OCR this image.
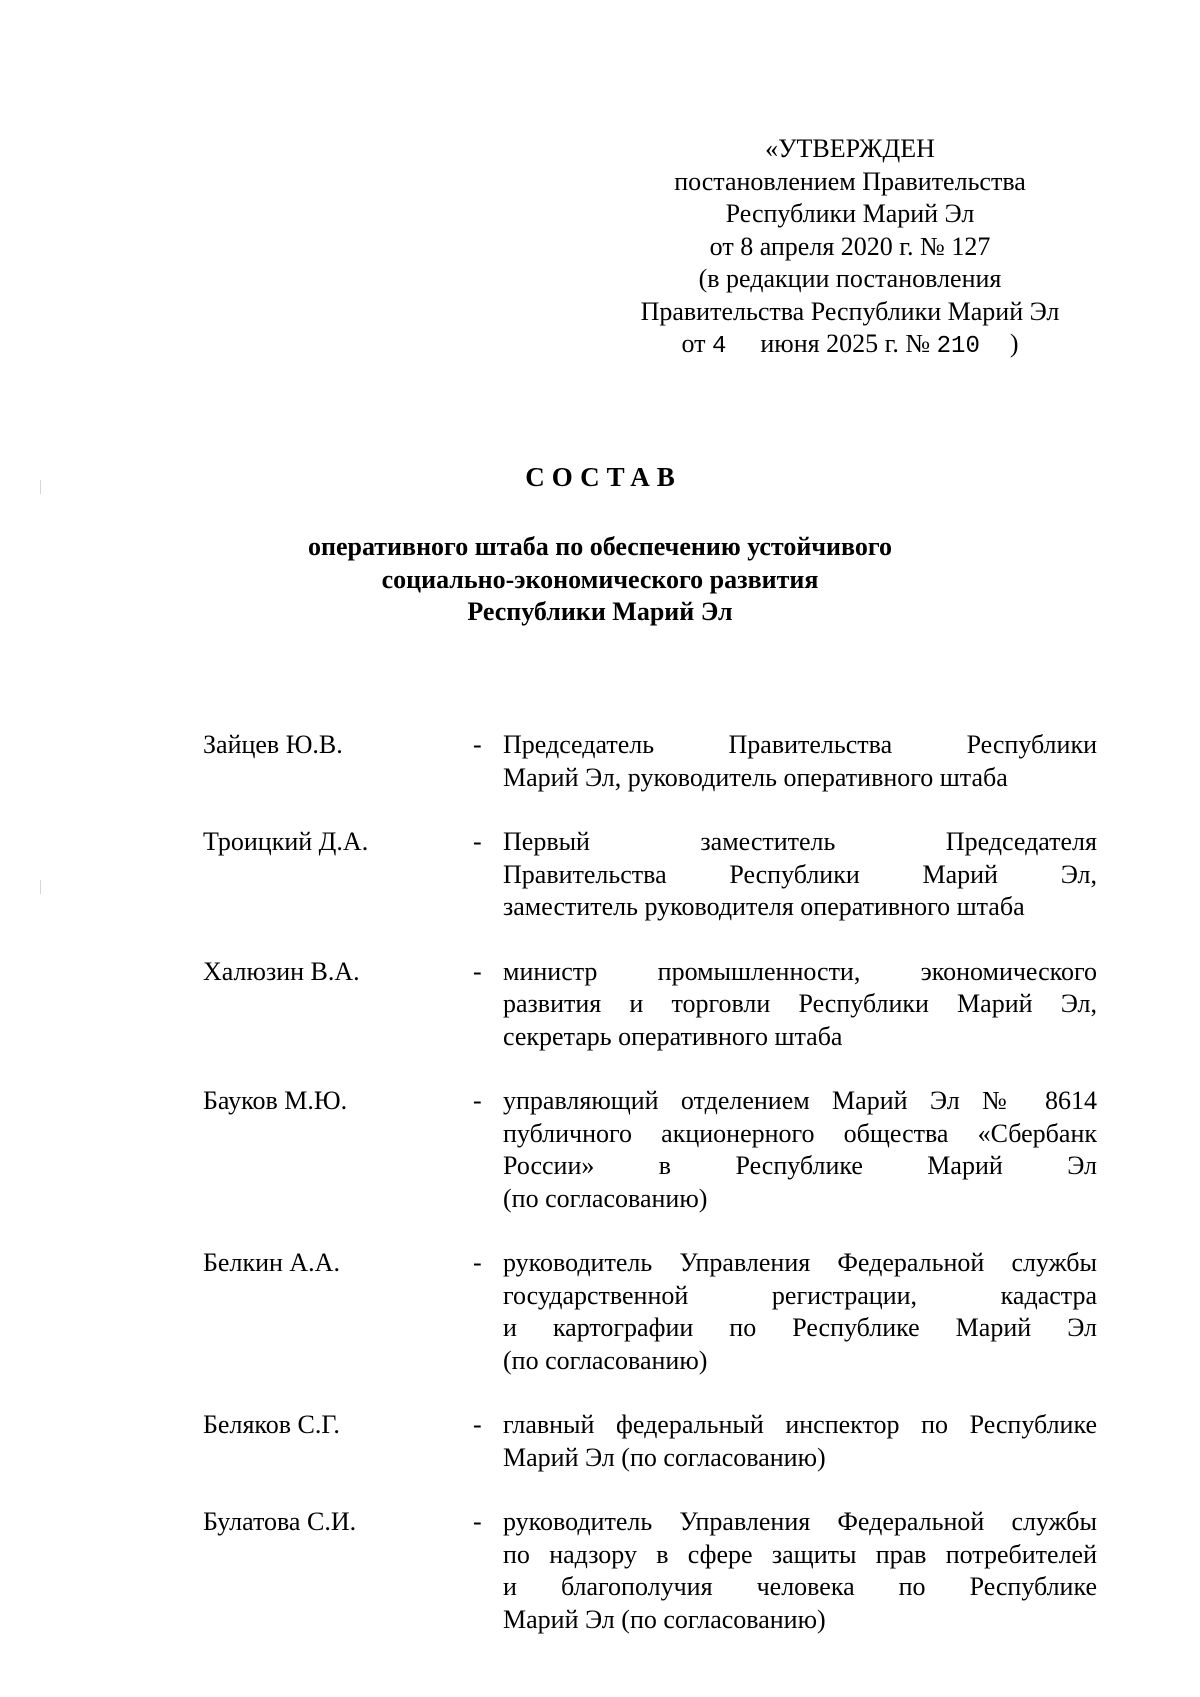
«УТВЕРЖДЕН
постановлением Правительства
Республики Марий Эл
от 8 апреля 2020 г. № 127
(в редакции постановления
Правительства Республики Марий Эл
от 4 июня 2025 г. № 210 )
СОСТАВ
оперативного штаба по обеспечению устойчивого
социально-экономического развития
Республики Марий Эл
Зайцев Ю.В.	- Председатель Правительства Республики
Марий Эл, руководитель оперативного штаба
Троицкий Д.А.	- Первый заместитель Председателя
Правительства Республики Марий Эл,
заместитель руководителя оперативного штаба
Халюзин В.А.	- министр промышленности, экономического
развития и торговли Республики Марий Эл,
секретарь оперативного штаба
Бауков М.Ю.	- управляющий отделением Марий Эл № 8614
публичного акционерного общества «Сбербанк
России» в Республике Марий Эл
(по согласованию)
Белкин А.А.	- руководитель Управления Федеральной службы
государственной регистрации, кадастра
и картографии по Республике Марий Эл
(по согласованию)
Беляков С.Г.	- главный федеральный инспектор по Республике
Марий Эл (по согласованию)
Булатова С.И.	- руководитель Управления Федеральной службы
по надзору в сфере защиты прав потребителей
и благополучия человека по Республике
Марий Эл (по согласованию)
